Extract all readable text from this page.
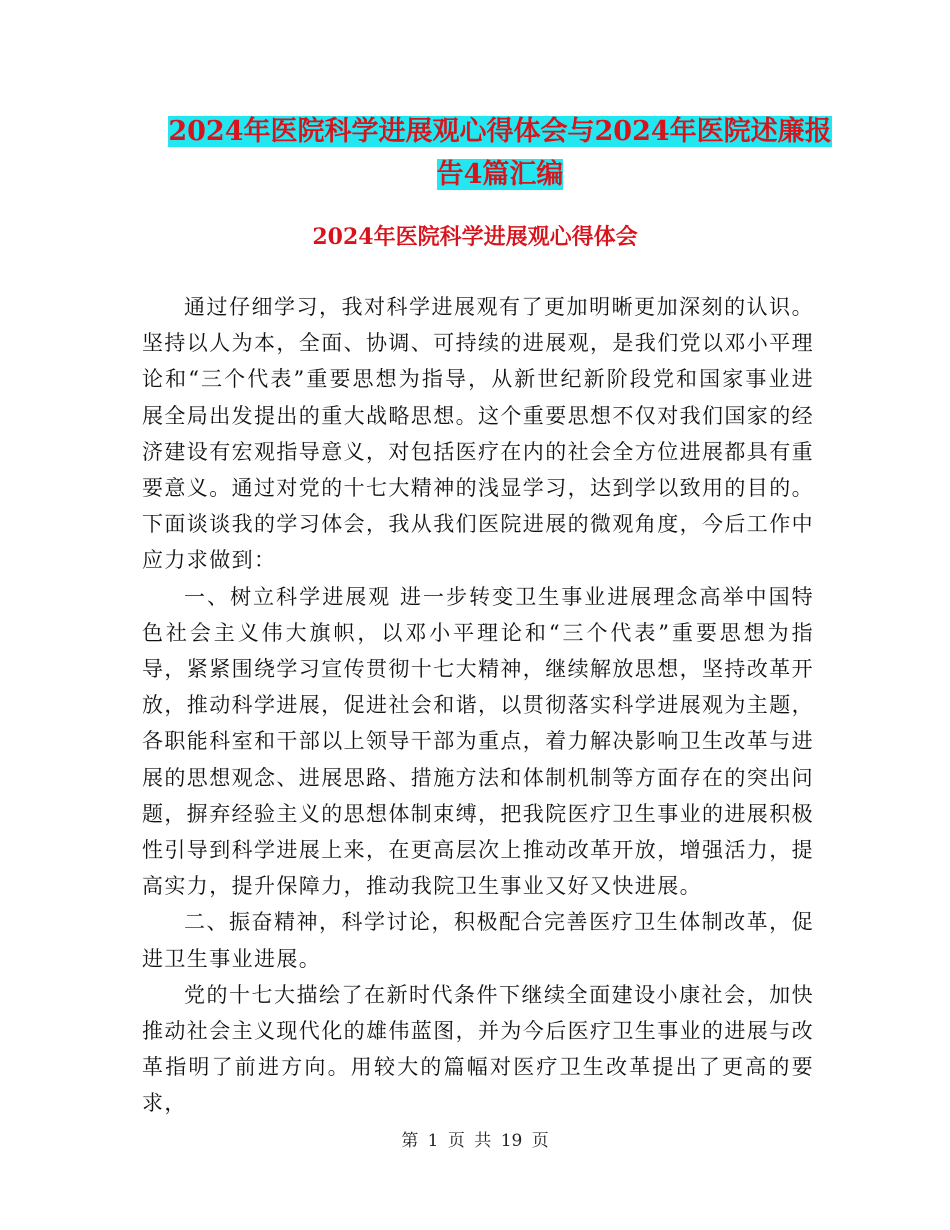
2024年医院科学进展观心得体会与2024年医院述廉报
告4篇汇编
2024年医院科学进展观心得体会

通过仔细学习，我对科学进展观有了更加明晰更加深刻的认识。坚持以人为本，全面、协调、可持续的进展观，是我们党以邓小平理论和“三个代表”重要思想为指导，从新世纪新阶段党和国家事业进展全局出发提出的重大战略思想。这个重要思想不仅对我们国家的经济建设有宏观指导意义，对包括医疗在内的社会全方位进展都具有重要意义。通过对党的十七大精神的浅显学习，达到学以致用的目的。下面谈谈我的学习体会，我从我们医院进展的微观角度，今后工作中应力求做到：

一、树立科学进展观 进一步转变卫生事业进展理念高举中国特色社会主义伟大旗帜，以邓小平理论和“三个代表”重要思想为指导，紧紧围绕学习宣传贯彻十七大精神，继续解放思想，坚持改革开放，推动科学进展，促进社会和谐，以贯彻落实科学进展观为主题，各职能科室和干部以上领导干部为重点，着力解决影响卫生改革与进展的思想观念、进展思路、措施方法和体制机制等方面存在的突出问题，摒弃经验主义的思想体制束缚，把我院医疗卫生事业的进展积极性引导到科学进展上来，在更高层次上推动改革开放，增强活力，提高实力，提升保障力，推动我院卫生事业又好又快进展。

二、振奋精神，科学讨论，积极配合完善医疗卫生体制改革，促进卫生事业进展。

党的十七大描绘了在新时代条件下继续全面建设小康社会，加快推动社会主义现代化的雄伟蓝图，并为今后医疗卫生事业的进展与改革指明了前进方向。用较大的篇幅对医疗卫生改革提出了更高的要求，

第 1 页 共 19 页
